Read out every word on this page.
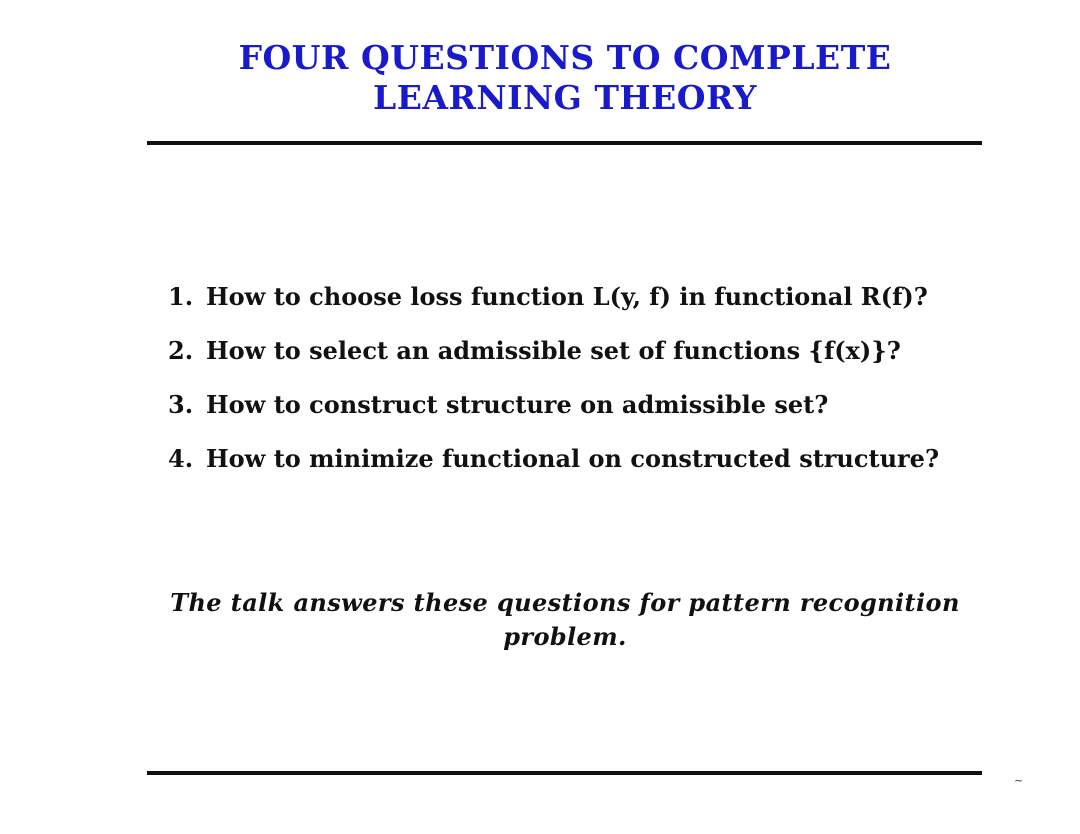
FOUR QUESTIONS TO COMPLETE
LEARNING THEORY
1. How to choose loss function L(y, f) in functional R(f)?
2. How to select an admissible set of functions {f(x)}?
3. How to construct structure on admissible set?
4. How to minimize functional on constructed structure?
The talk answers these questions for pattern recognition
problem.
~
